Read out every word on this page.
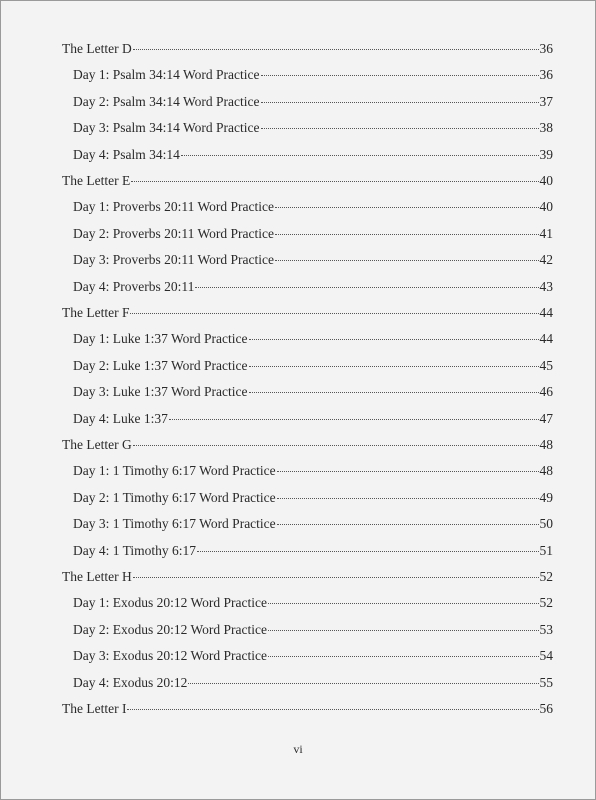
The Letter D	36
Day 1: Psalm 34:14 Word Practice	36
Day 2: Psalm 34:14 Word Practice	37
Day 3: Psalm 34:14 Word Practice	38
Day 4: Psalm 34:14	39
The Letter E	40
Day 1: Proverbs 20:11 Word Practice	40
Day 2: Proverbs 20:11 Word Practice	41
Day 3: Proverbs 20:11 Word Practice	42
Day 4: Proverbs 20:11	43
The Letter F	44
Day 1: Luke 1:37 Word Practice	44
Day 2: Luke 1:37 Word Practice	45
Day 3: Luke 1:37 Word Practice	46
Day 4: Luke 1:37	47
The Letter G	48
Day 1: 1 Timothy 6:17 Word Practice	48
Day 2: 1 Timothy 6:17 Word Practice	49
Day 3: 1 Timothy 6:17 Word Practice	50
Day 4: 1 Timothy 6:17	51
The Letter H	52
Day 1: Exodus 20:12 Word Practice	52
Day 2: Exodus 20:12 Word Practice	53
Day 3: Exodus 20:12 Word Practice	54
Day 4: Exodus 20:12	55
The Letter I	56
vi
